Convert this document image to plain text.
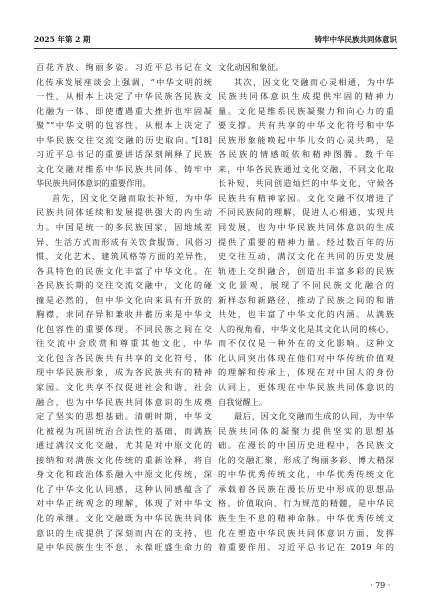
2025 年第 2 期	铸牢中华民族共同体意识
百花齐放、绚丽多姿。习近平总书记在文
化传承发展座谈会上强调，“中华文明的统
一性，从根本上决定了中华民族各民族文
化融为一体、即使遭遇重大挫折也牢固凝
聚”“中华文明的包容性，从根本上决定了
中华民族交往交流交融的历史取向。”[18]
习近平总书记的重要讲话深刻阐释了民族
文化交融对维系中华民族共同体、铸牢中
华民族共同体意识的重要作用。
首先，因文化交融而取长补短，为中华
民族共同体延续和发展提供强大的内生动
力。中国是统一的多民族国家，因地域差
异、生活方式而形成有关饮食服饰、风俗习
惯、文化艺术、建筑风格等方面的差异性，
各具特色的民族文化丰富了中华文化。在
各民族长期的交往交流交融中，文化的碰
撞是必然的，但中华文化向来具有开放的
胸襟，求同存异和兼收并蓄历来是中华文
化包容性的重要体现。不同民族之间在交
往交流中会欣赏和尊重其他文化，中华
文化包含各民族共有共享的文化符号，体
现中华民族形象，成为各民族共有的精神
家园。文化共享不仅促进社会和谐、社会
融合，也为中华民族共同体意识的生成奠
定了坚实的思想基础。清朝时期，中华文
化被视为巩固统治合法性的基础，而满族
通过满汉文化交融，尤其是对中原文化的
接纳和对满族文化传统的重新诠释，将自
身文化和政治体系融入中原文化传统，深
化了中华文化认同感，这种认同感蕴含了
对中华正统观念的理解，体现了对中华文
化的承继。文化交融既为中华民族共同体
意识的生成提供了深刻而内在的支持，也
是中华民族生生不息、永葆旺盛生命力的
文化动因和象征。
其次，因文化交融而心灵相通，为中华
民族共同体意识生成提供牢固的精神力
量。文化是维系民族凝聚力和向心力的重
要支撑。共有共享的中华文化符号和中华
民族形象能唤起中华儿女的心灵共鸣，是
各民族的情感皈依和精神图腾。数千年
来，中华各民族通过文化交融，不同文化取
长补短，共同创造灿烂的中华文化，守候各
民族共有精神家园。文化交融不仅增进了
不同民族间的理解，促进人心相通，实现共
同发展，也为中华民族共同体意识的生成
提供了重要的精神力量。经过数百年的历
史交往互动，满汉文化在共同的历史发展
轨迹上交织融合，创造出丰富多彩的民族
文化景观，展现了不同民族文化融合的
新样态和新路径，推动了民族之间的和谐
共处，也丰富了中华文化的内涵。从满族
人的视角看，中华文化是其文化认同的核心，
而不仅仅是一种外在的文化影响。这种文
化认同突出体现在他们对中华传统价值观
的理解和传承上，体现在对中国人的身份
认同上，更体现在中华民族共同体意识的
自我觉醒上。
最后，因文化交融而生成的认同，为中华
民族共同体的凝聚力提供坚实的思想基
础。在漫长的中国历史进程中，各民族文
化的交融汇聚，形成了绚丽多彩、博大精深
的中华优秀传统文化，中华优秀传统文化
承载着各民族在漫长历史中形成的思想品
格、价值取向、行为规范的精髓，是中华民
族生生不息的精神命脉。中华优秀传统文
化在塑造中华民族共同体意识方面，发挥
着重要作用。习近平总书记在 2019 年的
· 79 ·
